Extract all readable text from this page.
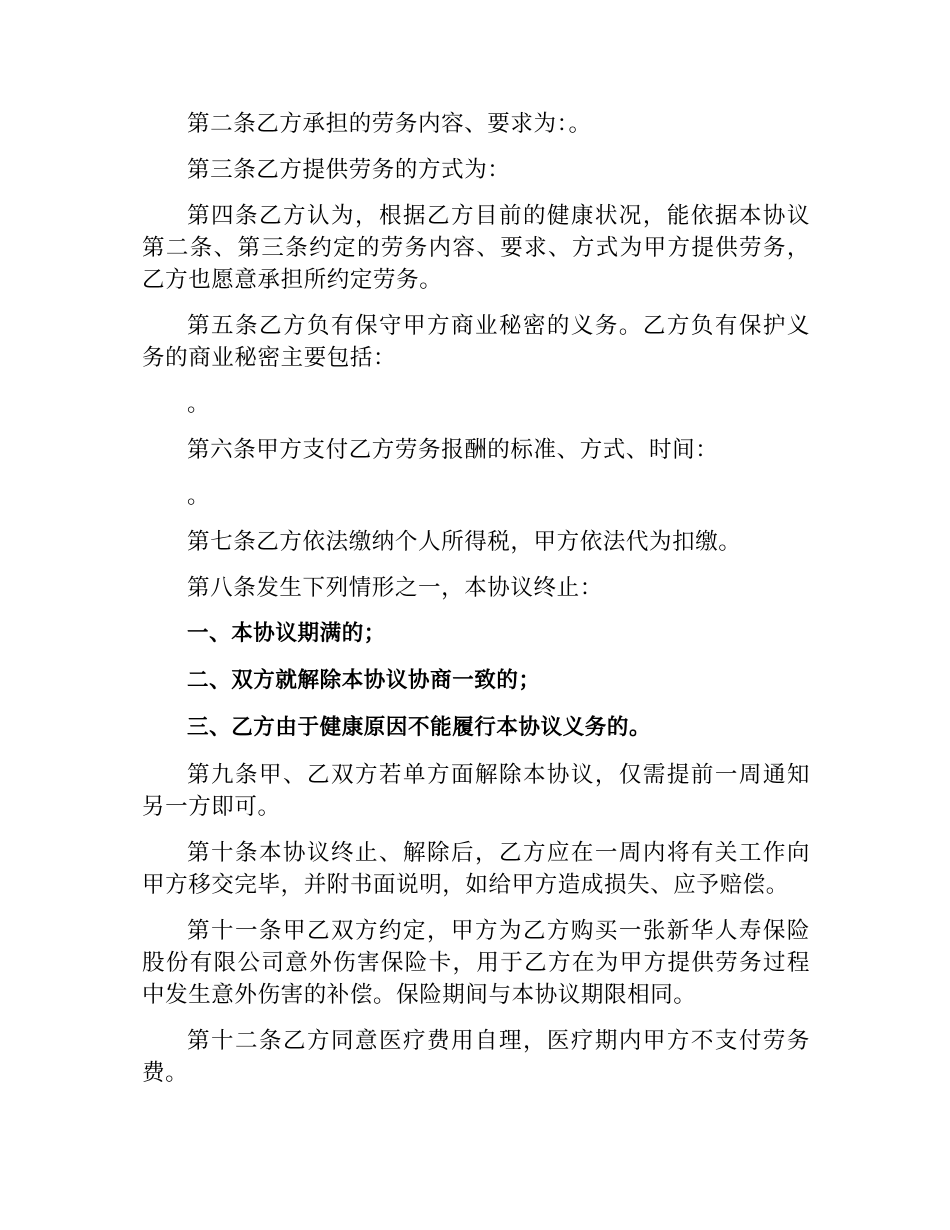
第二条乙方承担的劳务内容、要求为：。

第三条乙方提供劳务的方式为：

第四条乙方认为，根据乙方目前的健康状况，能依据本协议第二条、第三条约定的劳务内容、要求、方式为甲方提供劳务，乙方也愿意承担所约定劳务。

第五条乙方负有保守甲方商业秘密的义务。乙方负有保护义务的商业秘密主要包括：

。

第六条甲方支付乙方劳务报酬的标准、方式、时间：

。

第七条乙方依法缴纳个人所得税，甲方依法代为扣缴。

第八条发生下列情形之一，本协议终止：

一、本协议期满的；

二、双方就解除本协议协商一致的；

三、乙方由于健康原因不能履行本协议义务的。

第九条甲、乙双方若单方面解除本协议，仅需提前一周通知另一方即可。

第十条本协议终止、解除后，乙方应在一周内将有关工作向甲方移交完毕，并附书面说明，如给甲方造成损失、应予赔偿。

第十一条甲乙双方约定，甲方为乙方购买一张新华人寿保险股份有限公司意外伤害保险卡，用于乙方在为甲方提供劳务过程中发生意外伤害的补偿。保险期间与本协议期限相同。

第十二条乙方同意医疗费用自理，医疗期内甲方不支付劳务费。
